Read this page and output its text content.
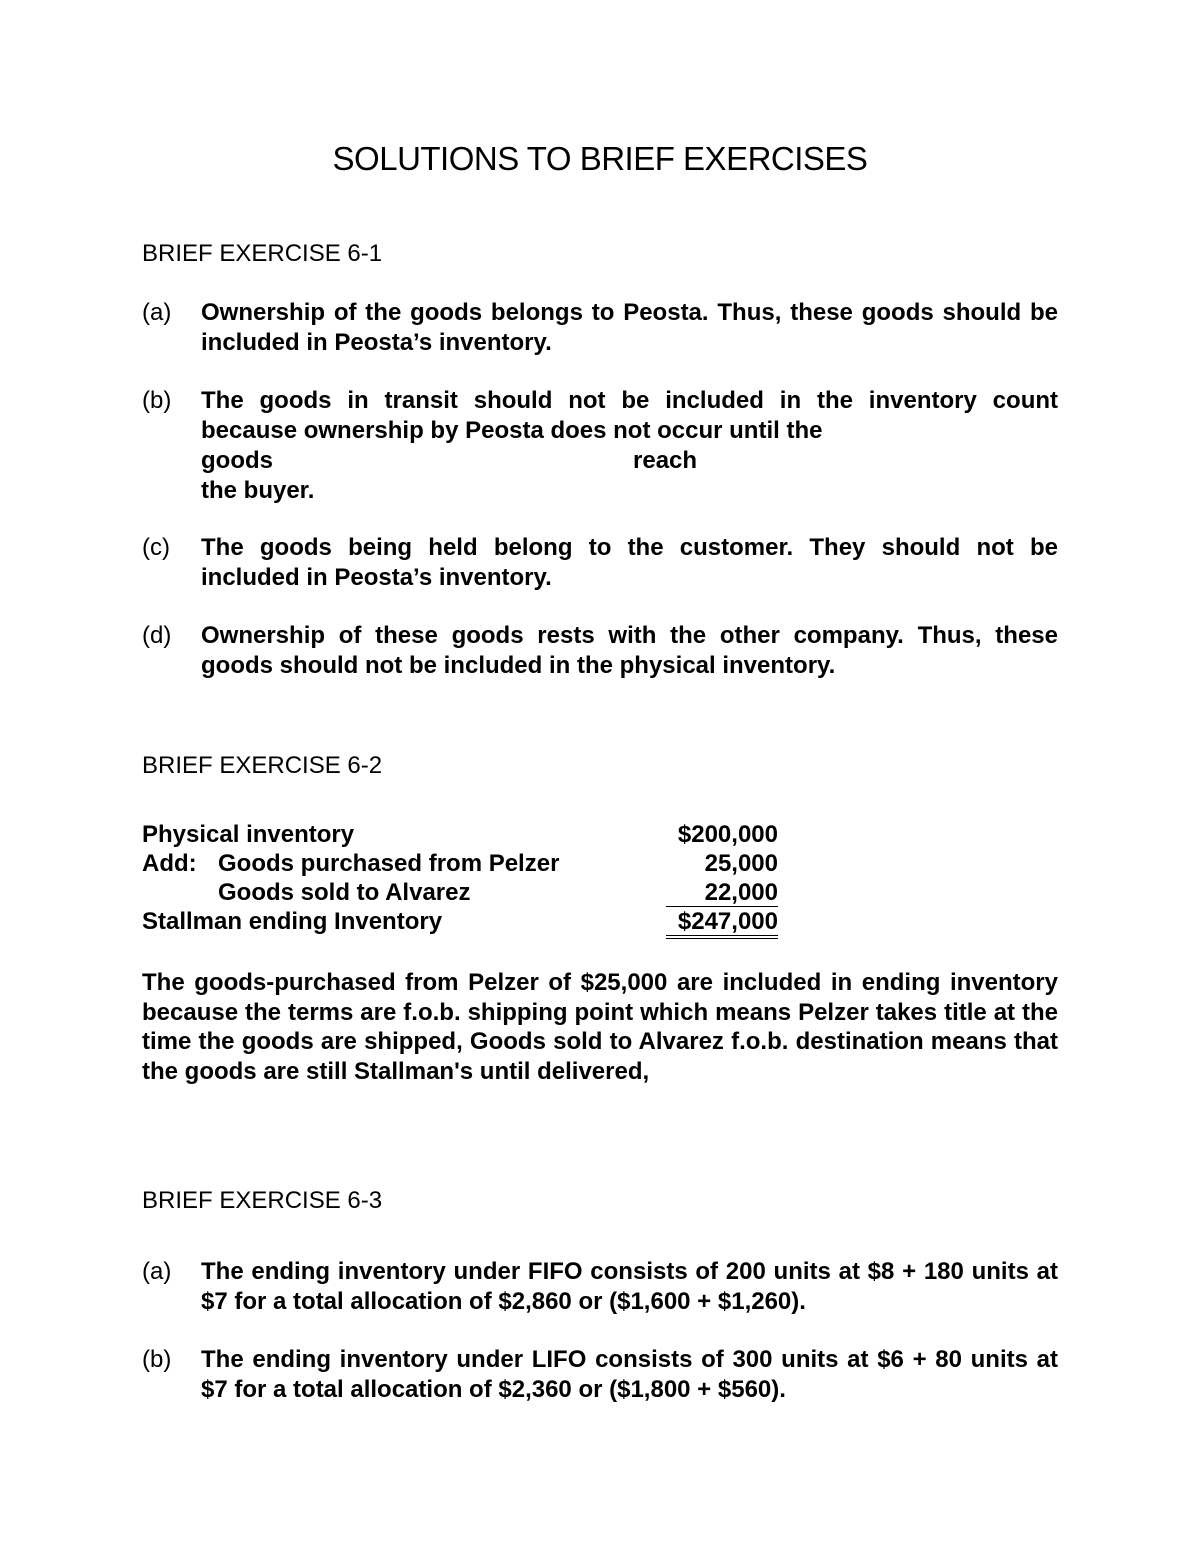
SOLUTIONS TO BRIEF EXERCISES
BRIEF EXERCISE 6-1
(a) Ownership of the goods belongs to Peosta. Thus, these goods should be included in Peosta’s inventory.
(b) The goods in transit should not be included in the inventory count because ownership by Peosta does not occur until the
goods	reach
the buyer.
(c) The goods being held belong to the customer. They should not be included in Peosta’s inventory.
(d) Ownership of these goods rests with the other company. Thus, these goods should not be included in the physical inventory.
BRIEF EXERCISE 6-2
Physical inventory	$200,000
Add: Goods purchased from Pelzer	25,000
Goods sold to Alvarez	22,000
Stallman ending Inventory	$247,000
The goods-purchased from Pelzer of $25,000 are included in ending inventory because the terms are f.o.b. shipping point which means Pelzer takes title at the time the goods are shipped, Goods sold to Alvarez f.o.b. destination means that the goods are still Stallman's until delivered,
BRIEF EXERCISE 6-3
(a) The ending inventory under FIFO consists of 200 units at $8 + 180 units at $7 for a total allocation of $2,860 or ($1,600 + $1,260).
(b) The ending inventory under LIFO consists of 300 units at $6 + 80 units at $7 for a total allocation of $2,360 or ($1,800 + $560).
